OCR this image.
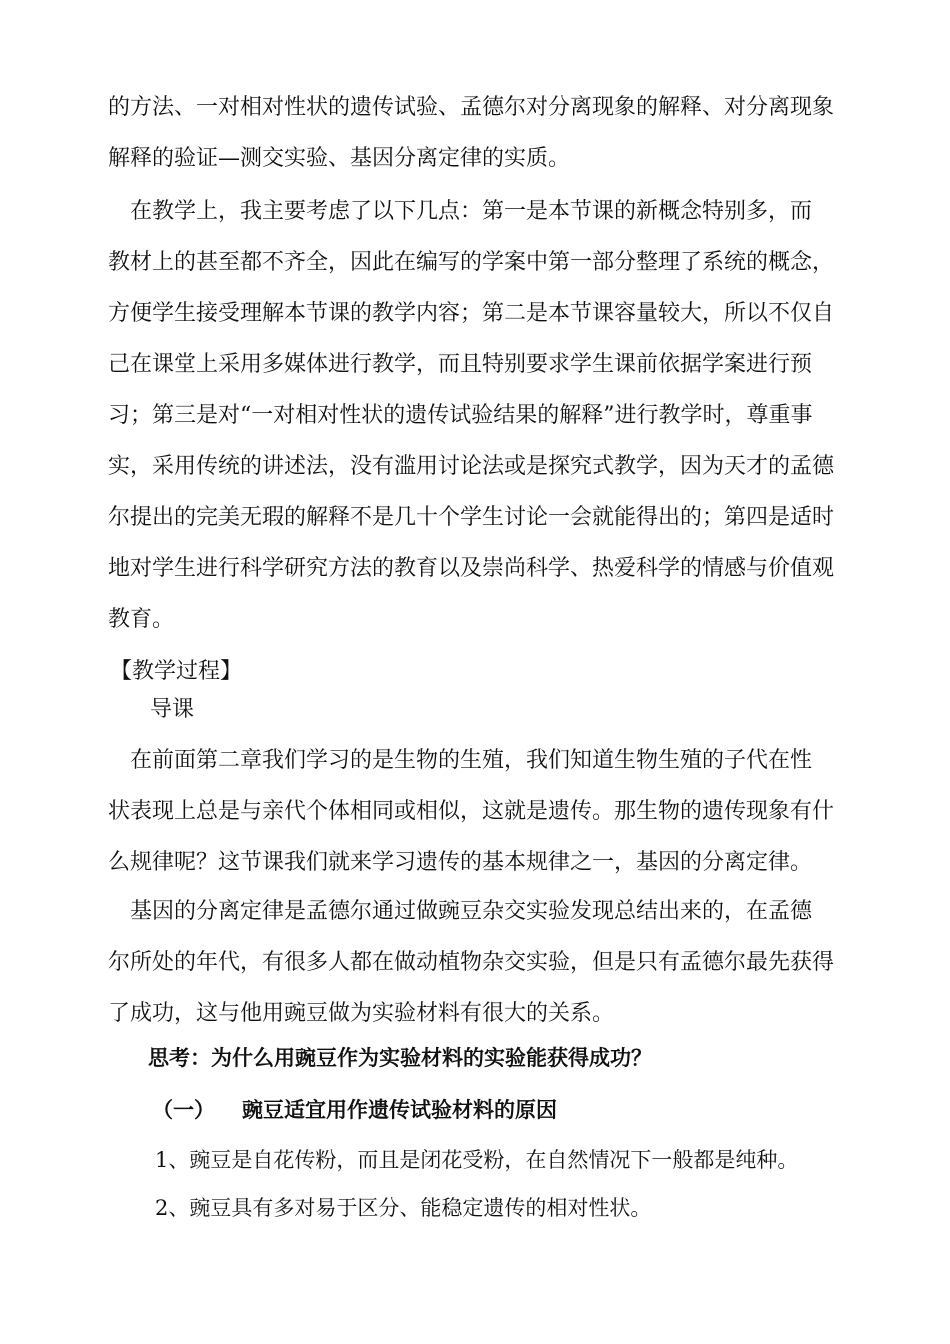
的方法、一对相对性状的遗传试验、孟德尔对分离现象的解释、对分离现象
解释的验证—测交实验、基因分离定律的实质。
　在教学上，我主要考虑了以下几点：第一是本节课的新概念特别多，而
教材上的甚至都不齐全，因此在编写的学案中第一部分整理了系统的概念，
方便学生接受理解本节课的教学内容；第二是本节课容量较大，所以不仅自
己在课堂上采用多媒体进行教学，而且特别要求学生课前依据学案进行预
习；第三是对“一对相对性状的遗传试验结果的解释”进行教学时，尊重事
实，采用传统的讲述法，没有滥用讨论法或是探究式教学，因为天才的孟德
尔提出的完美无瑕的解释不是几十个学生讨论一会就能得出的；第四是适时
地对学生进行科学研究方法的教育以及崇尚科学、热爱科学的情感与价值观
教育。
【教学过程】
导课
　在前面第二章我们学习的是生物的生殖，我们知道生物生殖的子代在性
状表现上总是与亲代个体相同或相似，这就是遗传。那生物的遗传现象有什
么规律呢？这节课我们就来学习遗传的基本规律之一，基因的分离定律。
　基因的分离定律是孟德尔通过做豌豆杂交实验发现总结出来的，在孟德
尔所处的年代，有很多人都在做动植物杂交实验，但是只有孟德尔最先获得
了成功，这与他用豌豆做为实验材料有很大的关系。
思考：为什么用豌豆作为实验材料的实验能获得成功？
（一） 豌豆适宜用作遗传试验材料的原因
1、豌豆是自花传粉，而且是闭花受粉，在自然情况下一般都是纯种。
2、豌豆具有多对易于区分、能稳定遗传的相对性状。
